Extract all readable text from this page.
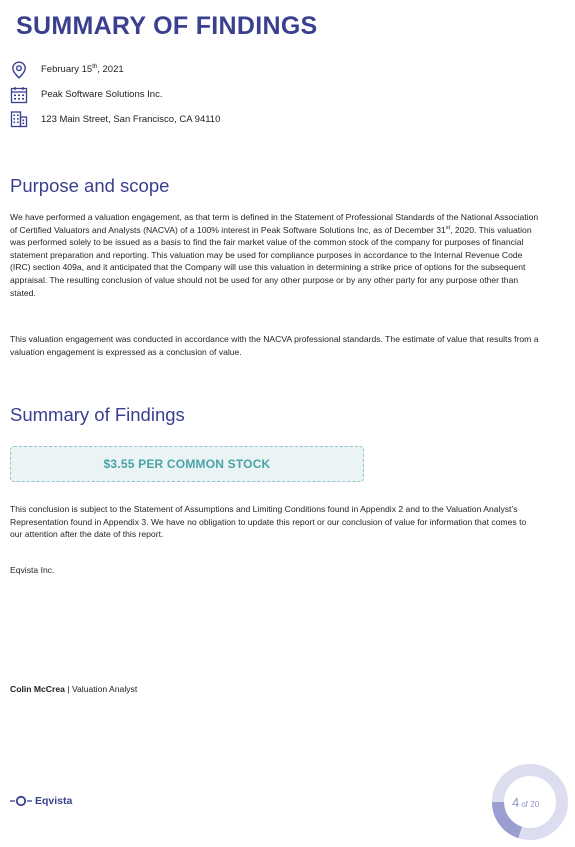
SUMMARY OF FINDINGS
February 15th, 2021
Peak Software Solutions Inc.
123 Main Street, San Francisco, CA 94110
Purpose and scope

We have performed a valuation engagement, as that term is defined in the Statement of Professional Standards of the National Association of Certified Valuators and Analysts (NACVA) of a 100% interest in Peak Software Solutions Inc, as of December 31st, 2020. This valuation was performed solely to be issued as a basis to find the fair market value of the common stock of the company for purposes of financial statement preparation and reporting. This valuation may be used for compliance purposes in accordance to the Internal Revenue Code (IRC) section 409a, and it anticipated that the Company will use this valuation in determining a strike price of options for the subsequent appraisal. The resulting conclusion of value should not be used for any other purpose or by any other party for any purpose other than stated.

This valuation engagement was conducted in accordance with the NACVA professional standards. The estimate of value that results from a valuation engagement is expressed as a conclusion of value.

Summary of Findings
$3.55 PER COMMON STOCK

This conclusion is subject to the Statement of Assumptions and Limiting Conditions found in Appendix 2 and to the Valuation Analyst’s Representation found in Appendix 3. We have no obligation to update this report or our conclusion of value for information that comes to our attention after the date of this report.

Eqvista Inc.

Colin McCrea | Valuation Analyst
Eqvista	4 of 20
